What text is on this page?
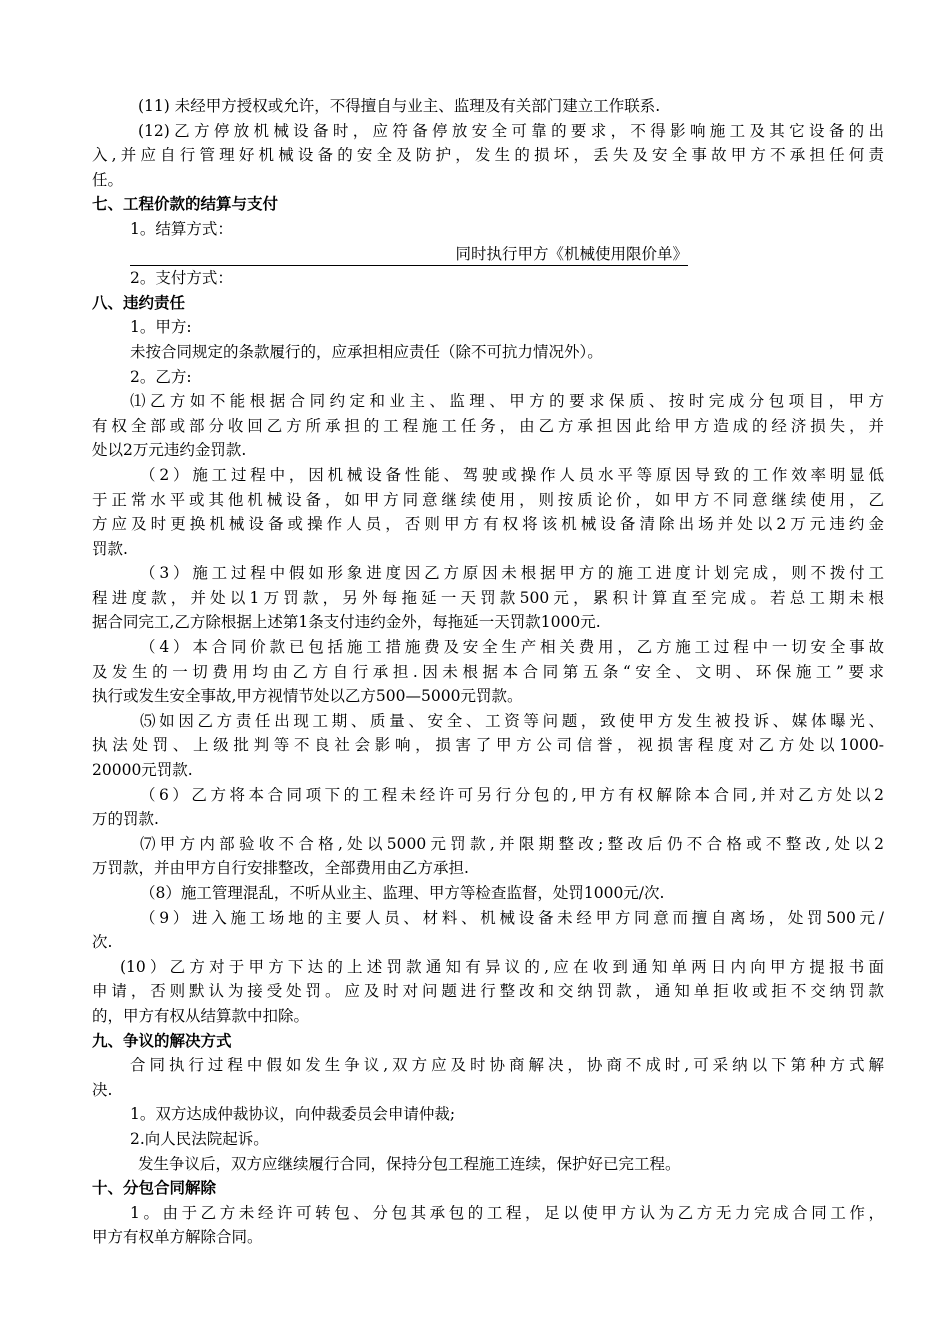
(11) 未经甲方授权或允许，不得擅自与业主、监理及有关部门建立工作联系.
(12)乙方停放机械设备时，应符备停放安全可靠的要求，不得影响施工及其它设备的出
入,并应自行管理好机械设备的安全及防护，发生的损坏，丢失及安全事故甲方不承担任何责
任。
七、工程价款的结算与支付
1。结算方式：
同时执行甲方《机械使用限价单》
2。支付方式：
八、违约责任
1。甲方:
未按合同规定的条款履行的，应承担相应责任（除不可抗力情况外）。
2。乙方:
⑴乙方如不能根据合同约定和业主、监理、甲方的要求保质、按时完成分包项目，甲方
有权全部或部分收回乙方所承担的工程施工任务，由乙方承担因此给甲方造成的经济损失，并
处以2万元违约金罚款.
（2）施工过程中，因机械设备性能、驾驶或操作人员水平等原因导致的工作效率明显低
于正常水平或其他机械设备，如甲方同意继续使用，则按质论价，如甲方不同意继续使用，乙
方应及时更换机械设备或操作人员，否则甲方有权将该机械设备清除出场并处以2万元违约金
罚款.
（3）施工过程中假如形象进度因乙方原因未根据甲方的施工进度计划完成，则不拨付工
程进度款，并处以1万罚款，另外每拖延一天罚款500元，累积计算直至完成。若总工期未根
据合同完工,乙方除根据上述第1条支付违约金外，每拖延一天罚款1000元.
（4）本合同价款已包括施工措施费及安全生产相关费用，乙方施工过程中一切安全事故
及发生的一切费用均由乙方自行承担.因未根据本合同第五条“安全、文明、环保施工”要求
执行或发生安全事故,甲方视情节处以乙方500—5000元罚款。
⑸如因乙方责任出现工期、质量、安全、工资等问题，致使甲方发生被投诉、媒体曝光、
执法处罚、上级批判等不良社会影响，损害了甲方公司信誉，视损害程度对乙方处以1000-
20000元罚款.
（6）乙方将本合同项下的工程未经许可另行分包的,甲方有权解除本合同,并对乙方处以2
万的罚款.
⑺甲方内部验收不合格,处以5000元罚款,并限期整改;整改后仍不合格或不整改,处以2
万罚款，并由甲方自行安排整改，全部费用由乙方承担.
（8）施工管理混乱，不听从业主、监理、甲方等检查监督，处罚1000元/次.
（9）进入施工场地的主要人员、材料、机械设备未经甲方同意而擅自离场，处罚500元/
次.
(10）乙方对于甲方下达的上述罚款通知有异议的,应在收到通知单两日内向甲方提报书面
申请，否则默认为接受处罚。应及时对问题进行整改和交纳罚款，通知单拒收或拒不交纳罚款
的，甲方有权从结算款中扣除。
九、争议的解决方式
合同执行过程中假如发生争议,双方应及时协商解决，协商不成时,可采纳以下第种方式解
决.
1。双方达成仲裁协议，向仲裁委员会申请仲裁;
2.向人民法院起诉。
发生争议后，双方应继续履行合同，保持分包工程施工连续，保护好已完工程。
十、分包合同解除
1。由于乙方未经许可转包、分包其承包的工程，足以使甲方认为乙方无力完成合同工作，
甲方有权单方解除合同。
